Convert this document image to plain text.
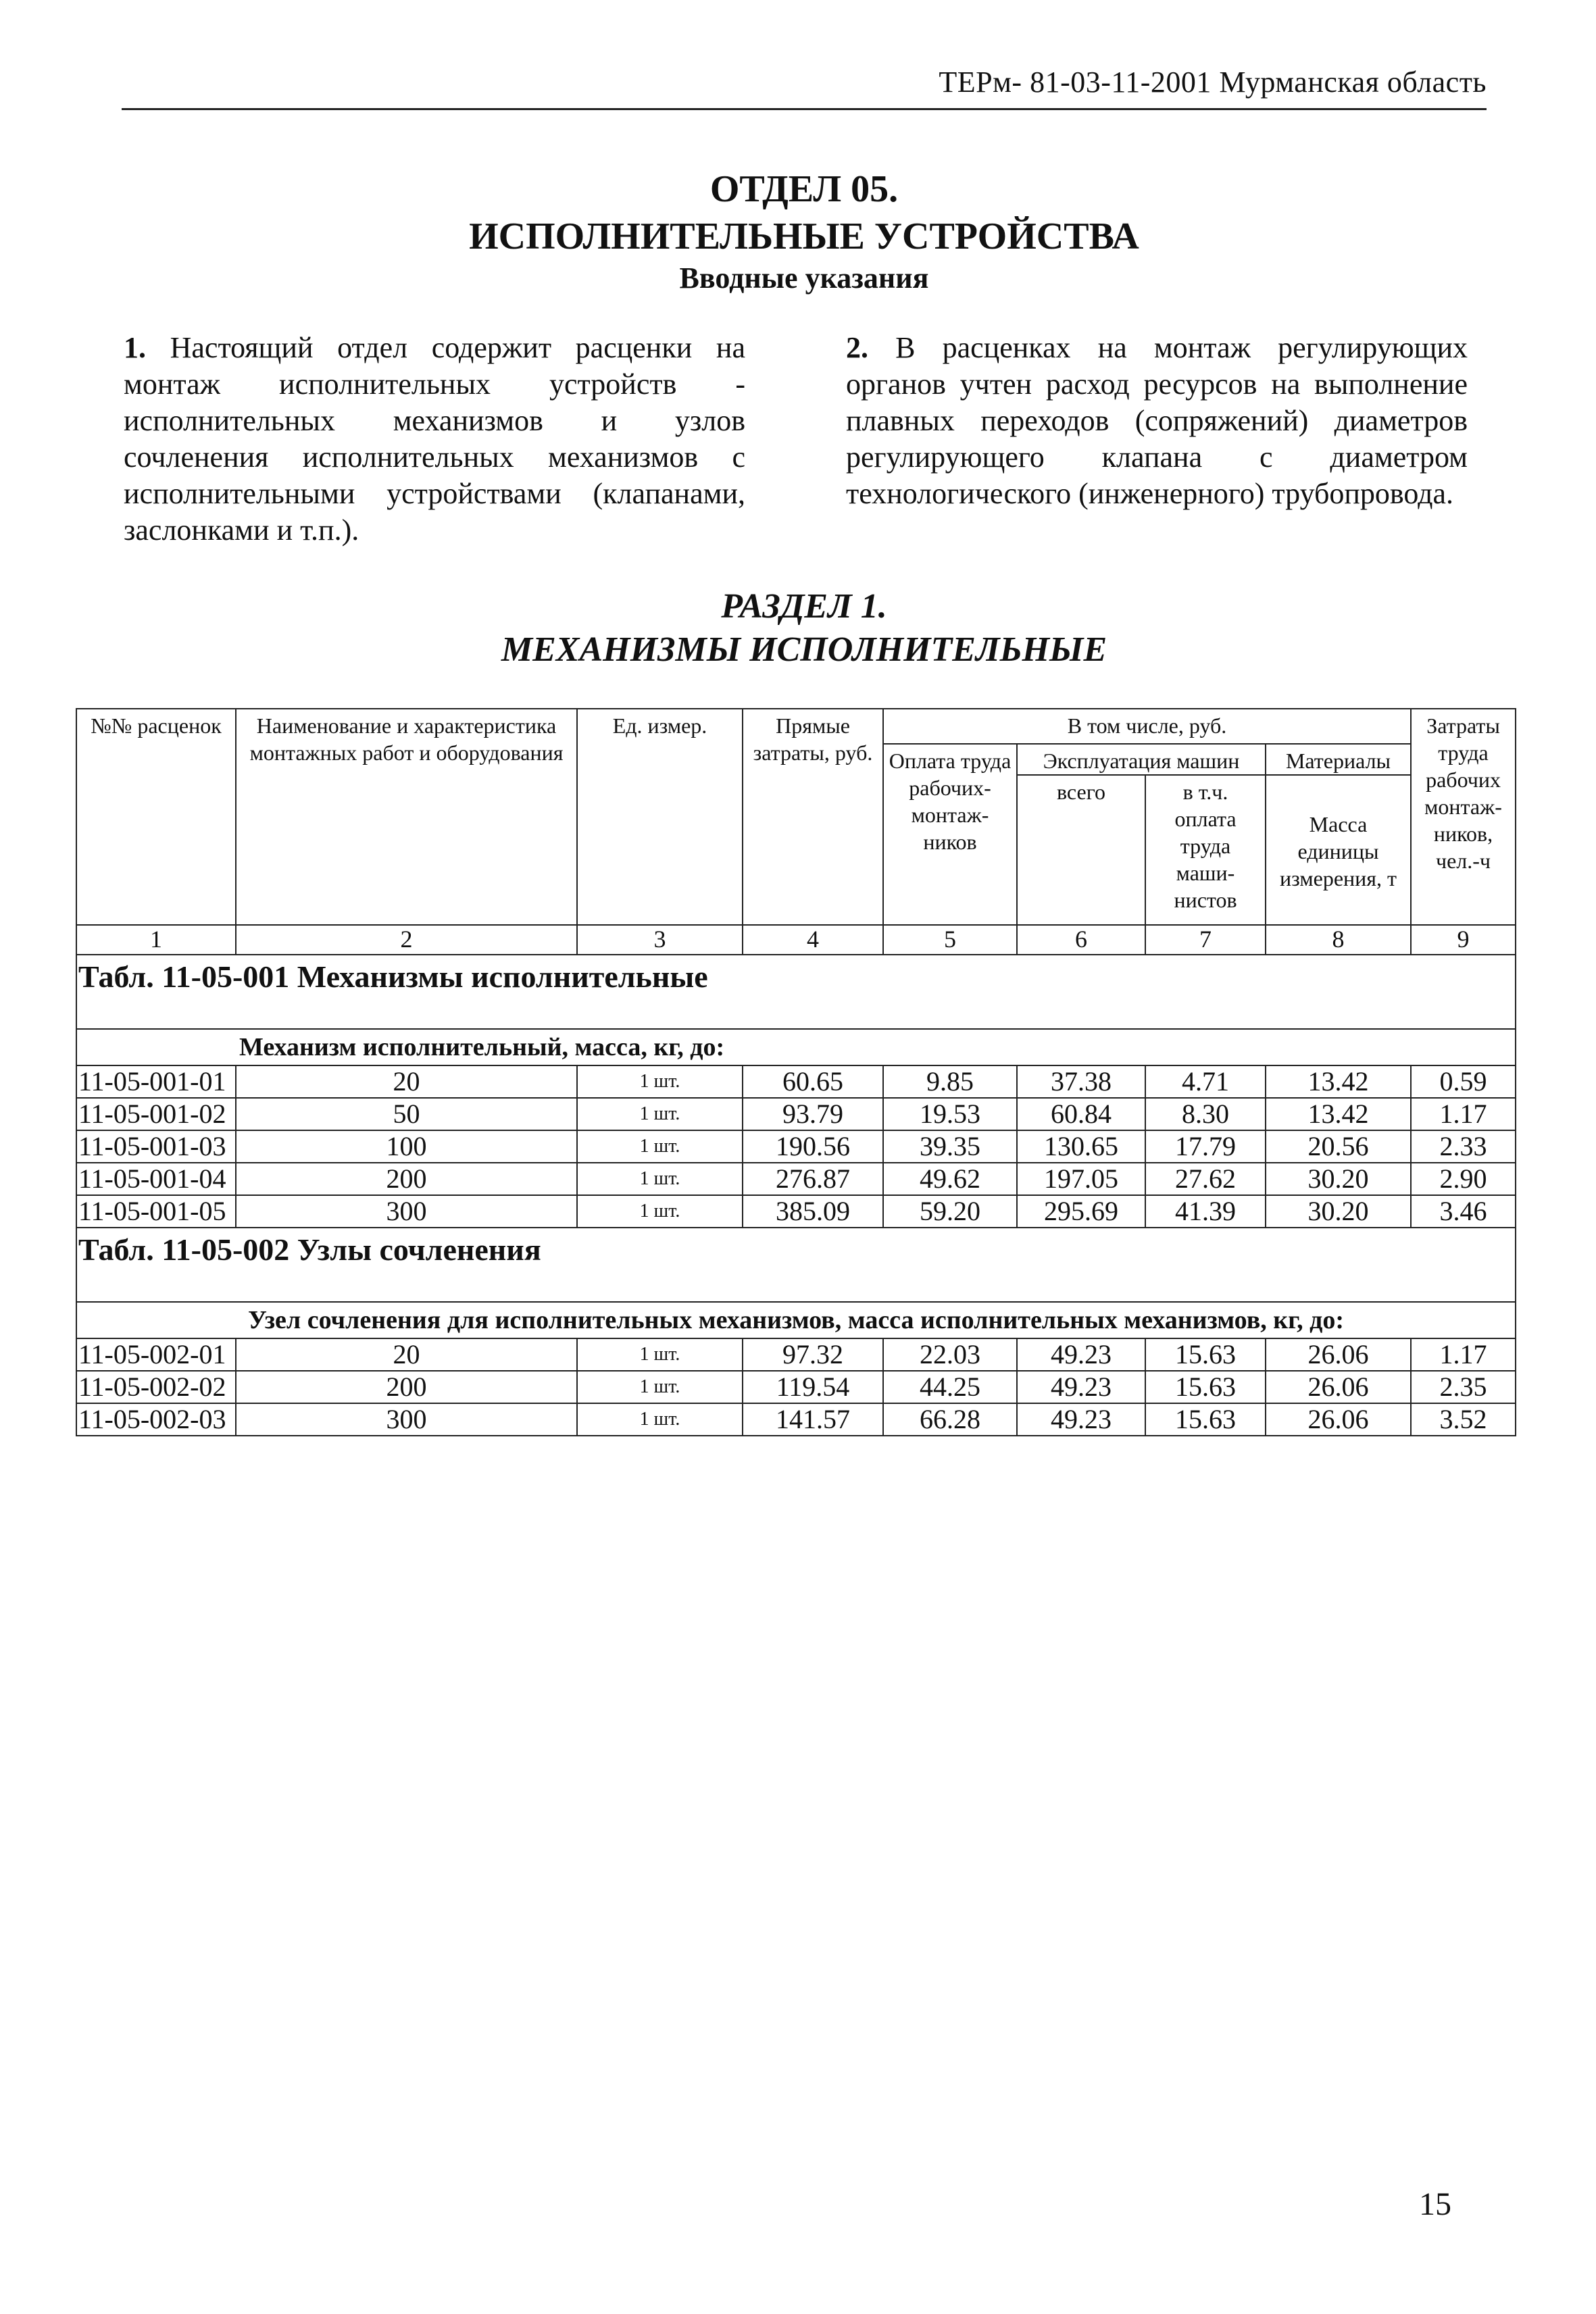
ТЕРм- 81-03-11-2001 Мурманская область
ОТДЕЛ 05.
ИСПОЛНИТЕЛЬНЫЕ УСТРОЙСТВА
Вводные указания
1. Настоящий отдел содержит расценки на монтаж исполнительных устройств - исполнительных механизмов и узлов сочленения исполнительных механизмов с исполнительными устройствами (клапанами, заслонками и т.п.).
2. В расценках на монтаж регулирующих органов учтен расход ресурсов на выполнение плавных переходов (сопряжений) диаметров регулирующего клапана с диаметром технологического (инженерного) трубопровода.
РАЗДЕЛ 1.
МЕХАНИЗМЫ ИСПОЛНИТЕЛЬНЫЕ
№№ расценок	Наименование и характеристика монтажных работ и оборудования	Ед. измер.	Прямые затраты, руб.	В том числе, руб.				Затраты труда рабочих монтаж-ников, чел.-ч
				Оплата труда рабочих-монтаж-ников	Эксплуатация машин		Материалы	
					всего	в т.ч. оплата труда маши-нистов	Масса единицы измерения, т	
1	2	3	4	5	6	7	8	9
Табл. 11-05-001 Механизмы исполнительные								
Механизм исполнительный, масса, кг, до:								
11-05-001-01	20	1 шт.	60.65	9.85	37.38	4.71	13.42	0.59
11-05-001-02	50	1 шт.	93.79	19.53	60.84	8.30	13.42	1.17
11-05-001-03	100	1 шт.	190.56	39.35	130.65	17.79	20.56	2.33
11-05-001-04	200	1 шт.	276.87	49.62	197.05	27.62	30.20	2.90
11-05-001-05	300	1 шт.	385.09	59.20	295.69	41.39	30.20	3.46
Табл. 11-05-002 Узлы сочленения								
Узел сочленения для исполнительных механизмов, масса исполнительных механизмов, кг, до:								
11-05-002-01	20	1 шт.	97.32	22.03	49.23	15.63	26.06	1.17
11-05-002-02	200	1 шт.	119.54	44.25	49.23	15.63	26.06	2.35
11-05-002-03	300	1 шт.	141.57	66.28	49.23	15.63	26.06	3.52
15
